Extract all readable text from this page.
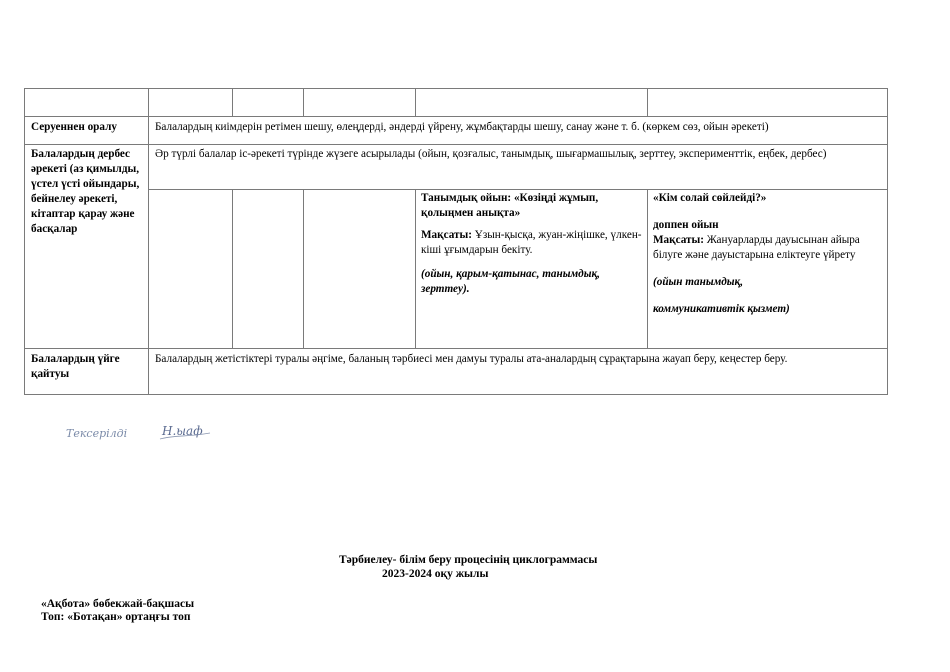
Серуеннен оралу	Балалардың киімдерін ретімен шешу, өлеңдерді, әндерді үйрену, жұмбақтарды шешу, санау және т. б. (көркем сөз, ойын әрекеті)
Балалардың дербес әрекеті (аз қимылды, үстел үсті ойындары, бейнелеу әрекеті, кітаптар қарау және басқалар
Әр түрлі балалар іс-әрекеті түрінде жүзеге асырылады (ойын, қозғалыс, танымдық, шығармашылық, зерттеу, эксперименттік, еңбек, дербес)

Танымдық ойын: «Көзіңді жұмып, қолыңмен анықта»

Мақсаты: Ұзын-қысқа, жуан-жіңішке, үлкен-кіші ұғымдарын бекіту.

(ойын, қарым-қатынас, танымдық, зерттеу).

«Кім солай сөйлейді?»

доппен ойын

Мақсаты: Жануарларды дауысынан айыра білуге және дауыстарына еліктеуге үйрету

(ойын танымдық,

коммуникативтік қызмет)

Балалардың үйге қайтуы
Балалардың жетістіктері туралы әңгіме, баланың тәрбиесі мен дамуы туралы ата-аналардың сұрақтарына жауап беру, кеңестер беру.
Тексерілді	Н.ыаф
Тәрбиелеу- білім беру процесінің циклограммасы
2023-2024 оқу жылы
«Ақбота» бөбекжай-бақшасы
Топ: «Ботақан» ортаңғы топ
